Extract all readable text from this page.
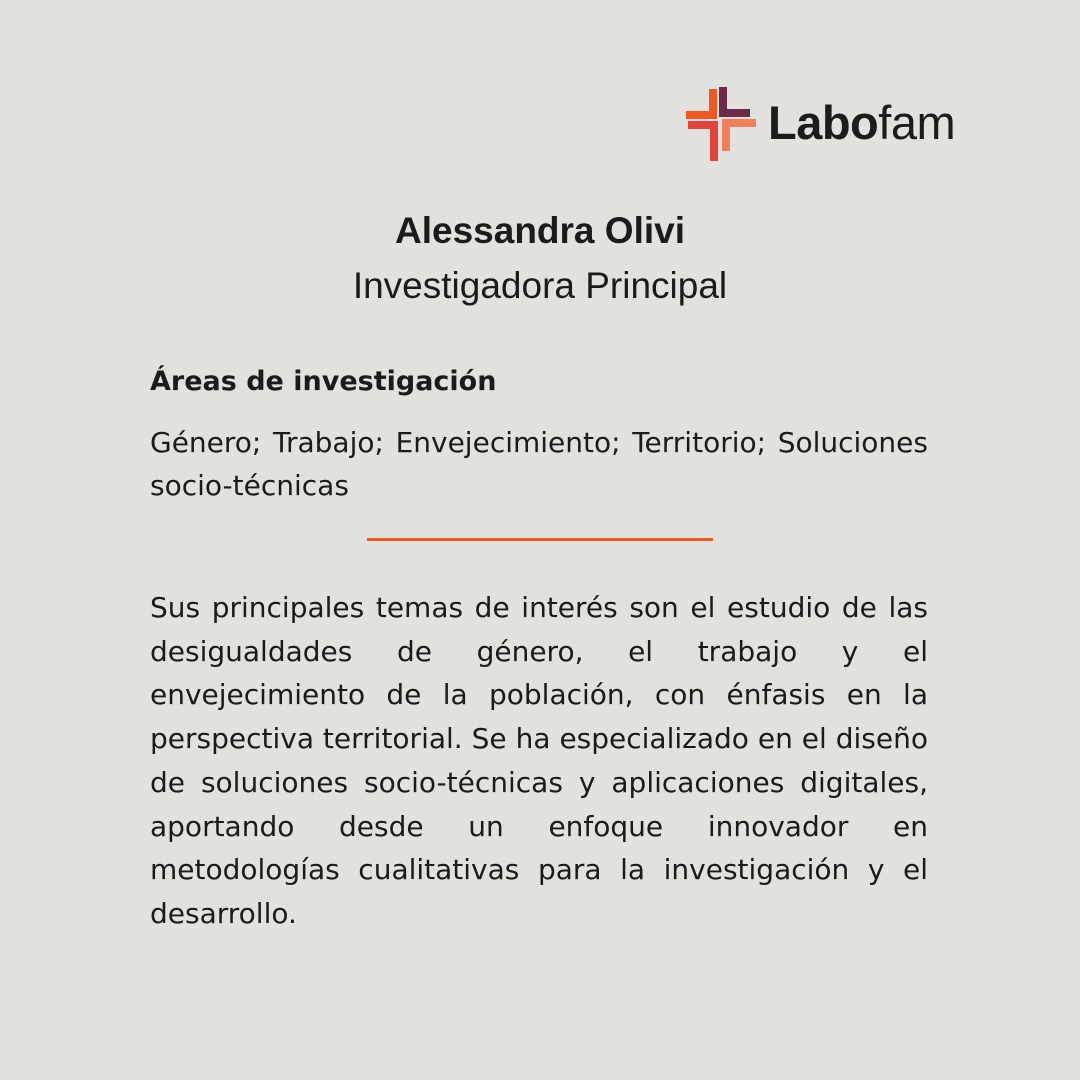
Labofam
Alessandra Olivi
Investigadora Principal
Áreas de investigación

Género; Trabajo; Envejecimiento; Territorio; Soluciones socio-técnicas

Sus principales temas de interés son el estudio de las desigualdades de género, el trabajo y el envejecimiento de la población, con énfasis en la perspectiva territorial. Se ha especializado en el diseño de soluciones socio-técnicas y aplicaciones digitales, aportando desde un enfoque innovador en metodologías cualitativas para la investigación y el desarrollo.
